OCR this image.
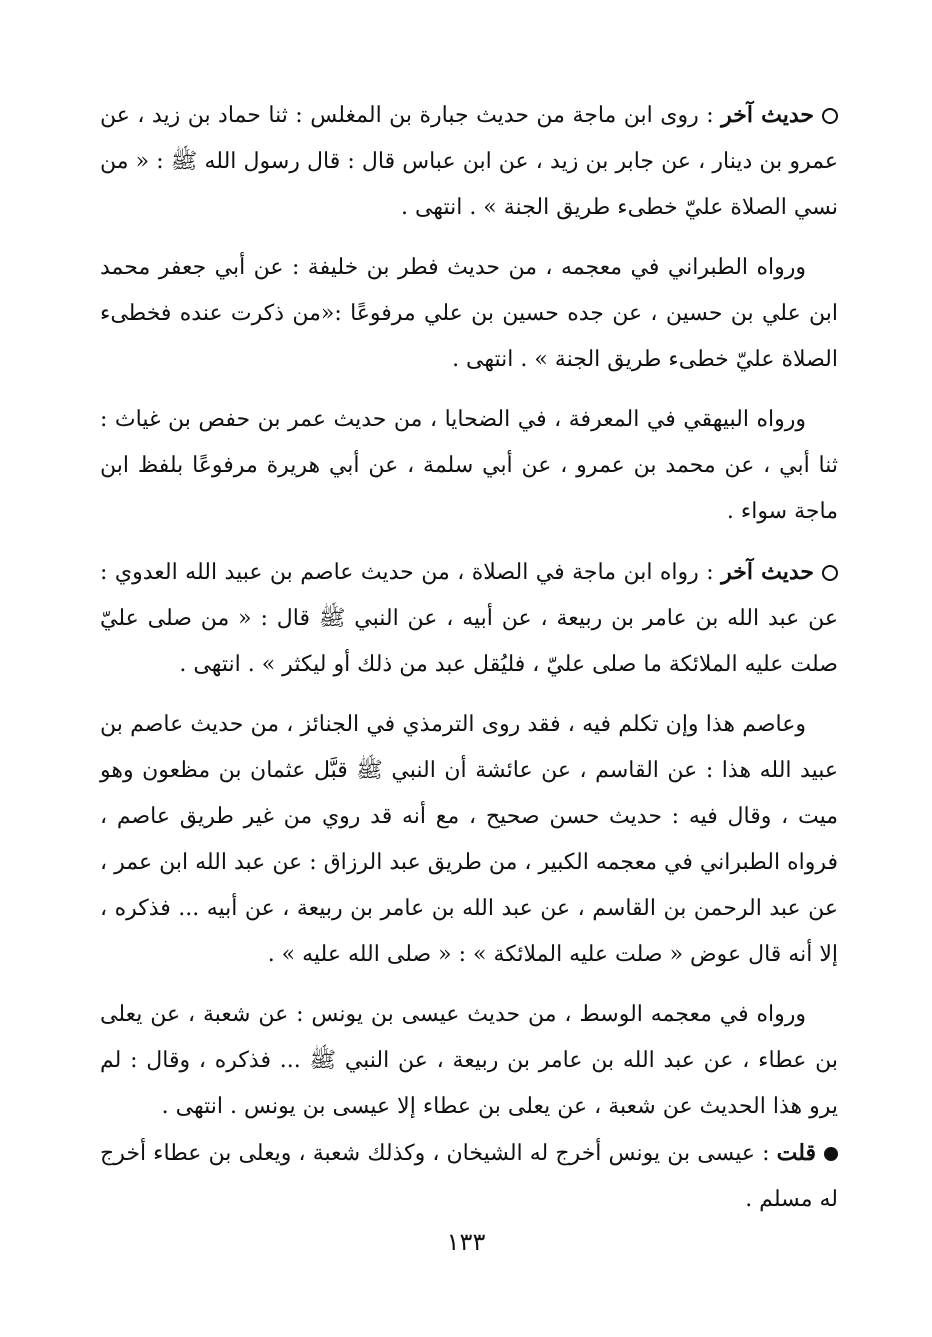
حديث آخر : روى ابن ماجة من حديث جبارة بن المغلس : ثنا حماد بن زيد ، عن عمرو بن دينار ، عن جابر بن زيد ، عن ابن عباس قال : قال رسول الله ﷺ : « من نسي الصلاة عليّ خطىء طريق الجنة » . انتهى .

ورواه الطبراني في معجمه ، من حديث فطر بن خليفة : عن أبي جعفر محمد ابن علي بن حسين ، عن جده حسين بن علي مرفوعًا :«من ذكرت عنده فخطىء الصلاة عليّ خطىء طريق الجنة » . انتهى .

ورواه البيهقي في المعرفة ، في الضحايا ، من حديث عمر بن حفص بن غياث : ثنا أبي ، عن محمد بن عمرو ، عن أبي سلمة ، عن أبي هريرة مرفوعًا بلفظ ابن ماجة سواء .

حديث آخر : رواه ابن ماجة في الصلاة ، من حديث عاصم بن عبيد الله العدوي : عن عبد الله بن عامر بن ربيعة ، عن أبيه ، عن النبي ﷺ قال : « من صلى عليّ صلت عليه الملائكة ما صلى عليّ ، فليُقل عبد من ذلك أو ليكثر » . انتهى .

وعاصم هذا وإن تكلم فيه ، فقد روى الترمذي في الجنائز ، من حديث عاصم بن عبيد الله هذا : عن القاسم ، عن عائشة أن النبي ﷺ قبَّل عثمان بن مظعون وهو ميت ، وقال فيه : حديث حسن صحيح ، مع أنه قد روي من غير طريق عاصم ، فرواه الطبراني في معجمه الكبير ، من طريق عبد الرزاق : عن عبد الله ابن عمر ، عن عبد الرحمن بن القاسم ، عن عبد الله بن عامر بن ربيعة ، عن أبيه ... فذكره ، إلا أنه قال عوض « صلت عليه الملائكة » : « صلى الله عليه » .

ورواه في معجمه الوسط ، من حديث عيسى بن يونس : عن شعبة ، عن يعلى بن عطاء ، عن عبد الله بن عامر بن ربيعة ، عن النبي ﷺ ... فذكره ، وقال : لم يرو هذا الحديث عن شعبة ، عن يعلى بن عطاء إلا عيسى بن يونس . انتهى .

قلت : عيسى بن يونس أخرج له الشيخان ، وكذلك شعبة ، ويعلى بن عطاء أخرج له مسلم .

١٣٣
